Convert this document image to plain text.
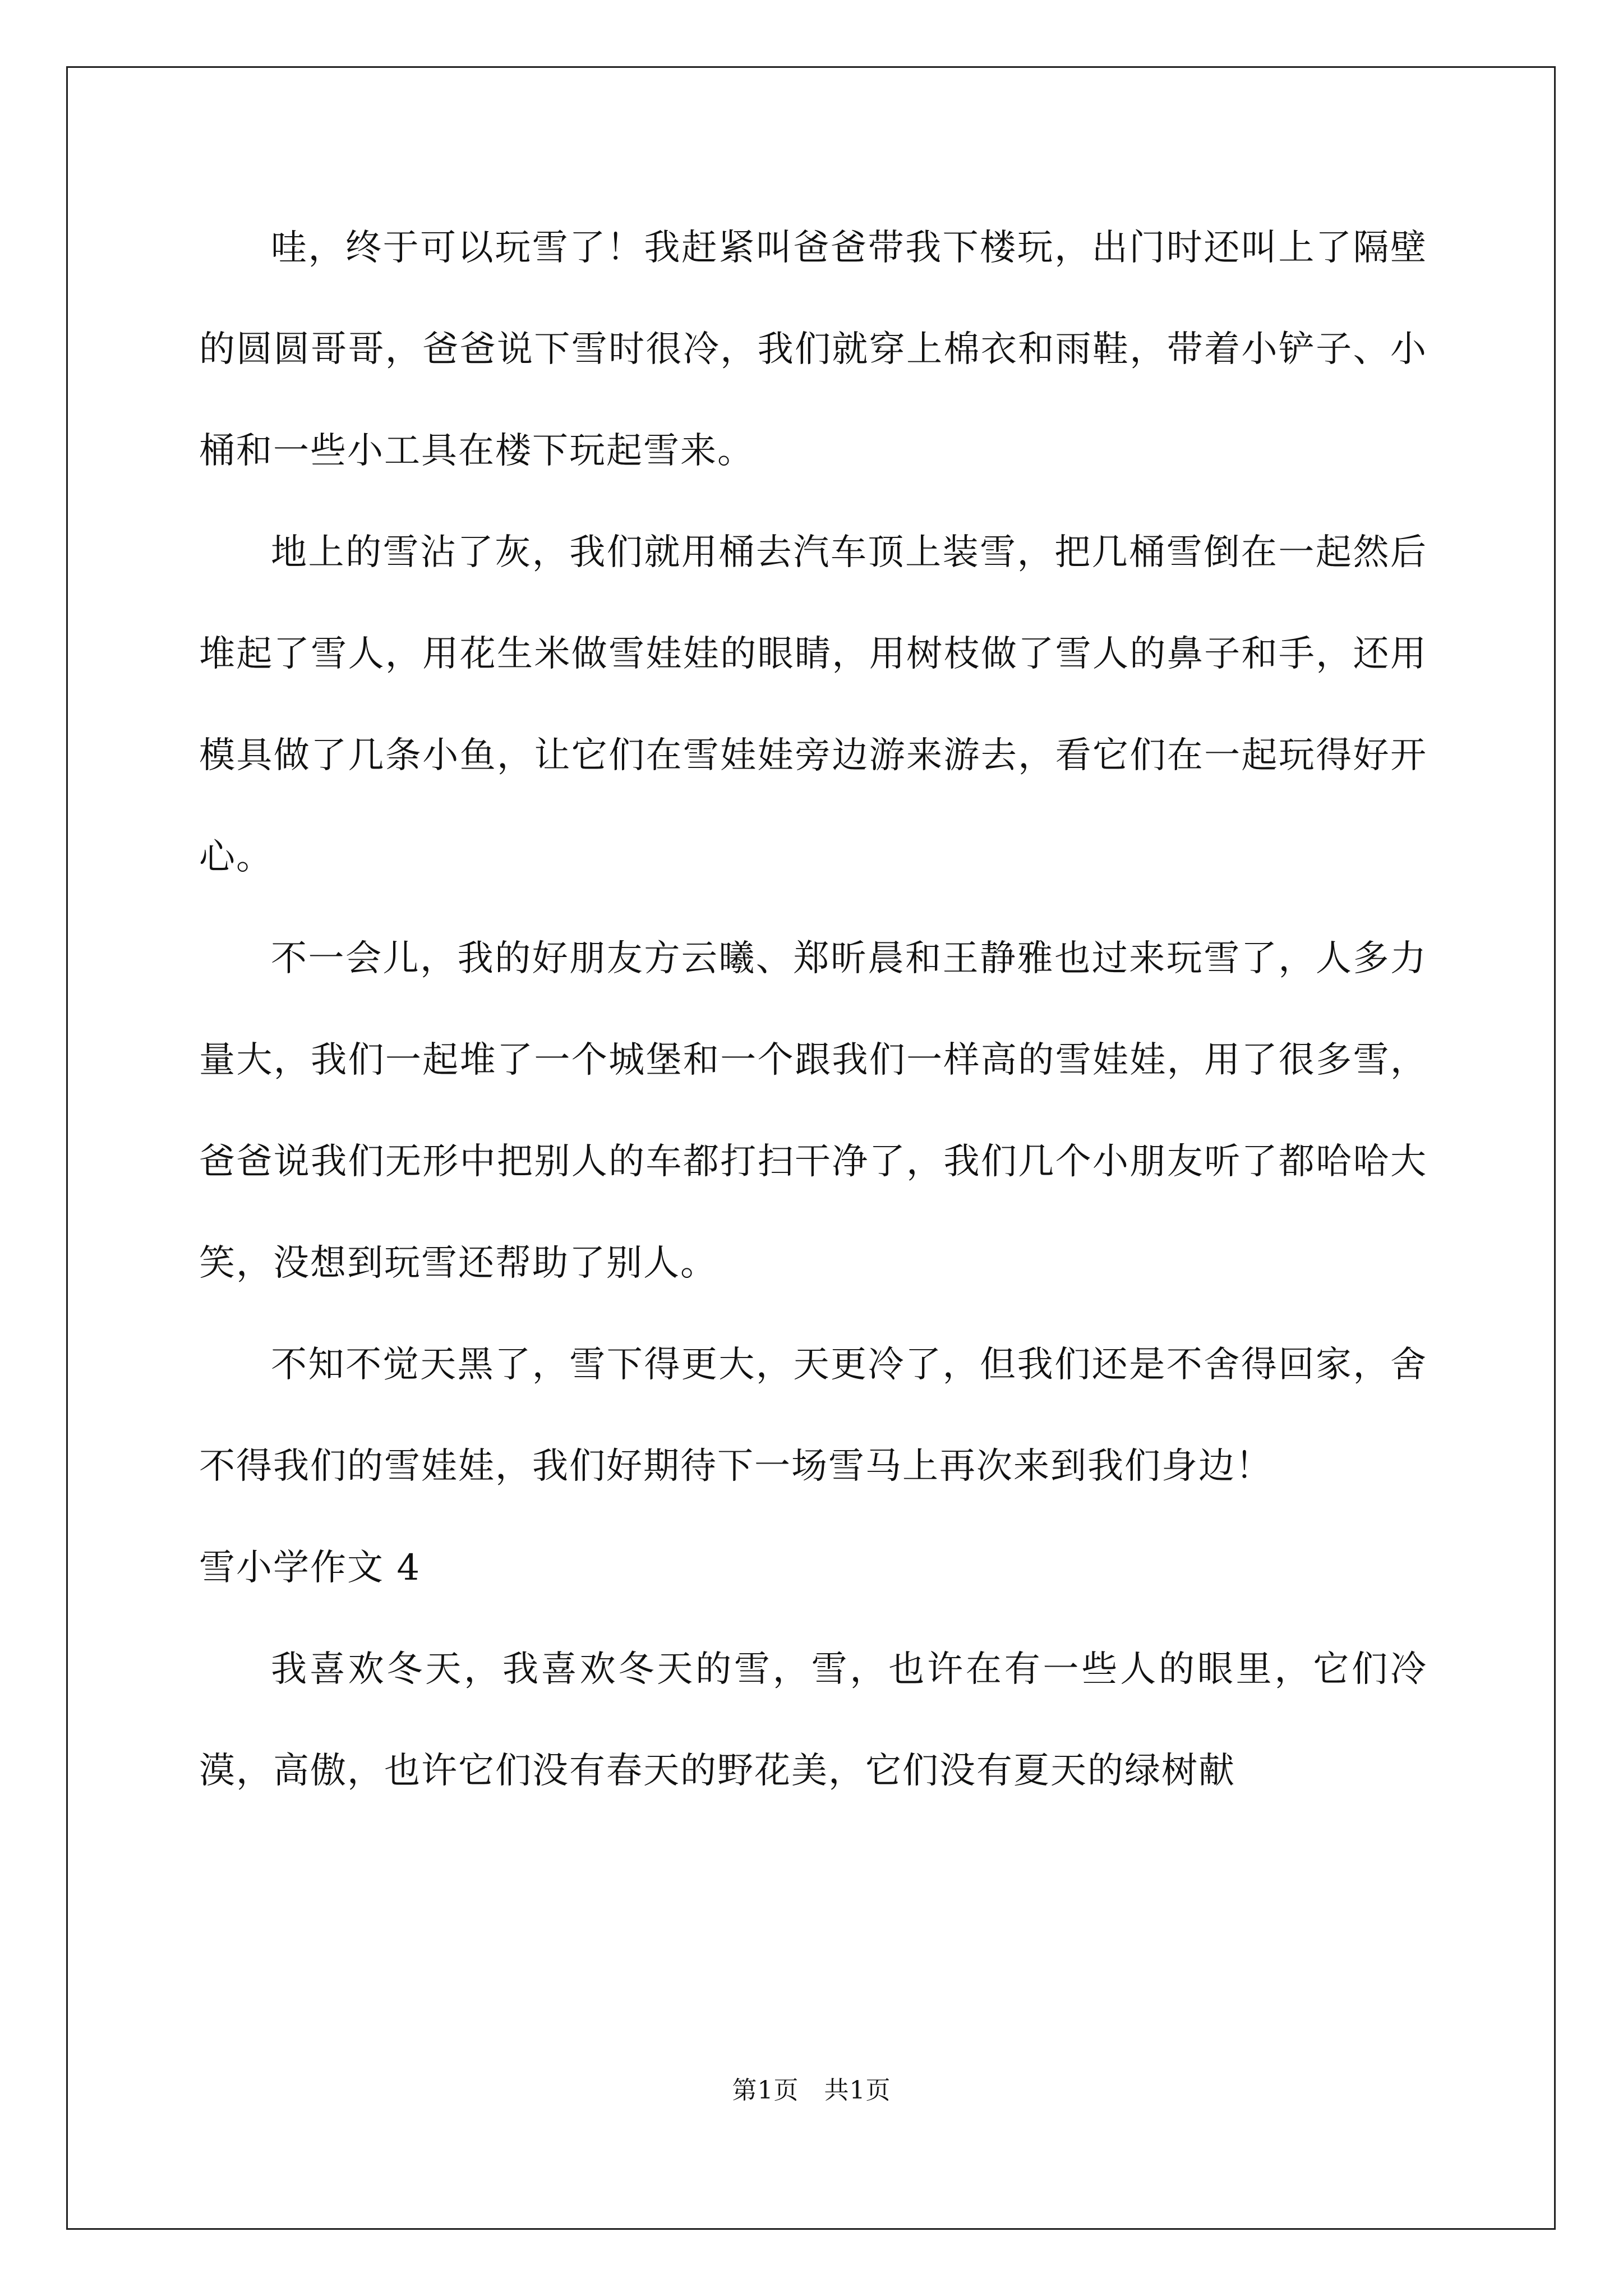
哇，终于可以玩雪了！我赶紧叫爸爸带我下楼玩，出门时还叫上了隔壁的圆圆哥哥，爸爸说下雪时很冷，我们就穿上棉衣和雨鞋，带着小铲子、小桶和一些小工具在楼下玩起雪来。

地上的雪沾了灰，我们就用桶去汽车顶上装雪，把几桶雪倒在一起然后堆起了雪人，用花生米做雪娃娃的眼睛，用树枝做了雪人的鼻子和手，还用模具做了几条小鱼，让它们在雪娃娃旁边游来游去，看它们在一起玩得好开心。

不一会儿，我的好朋友方云曦、郑昕晨和王静雅也过来玩雪了，人多力量大，我们一起堆了一个城堡和一个跟我们一样高的雪娃娃，用了很多雪，爸爸说我们无形中把别人的车都打扫干净了，我们几个小朋友听了都哈哈大笑，没想到玩雪还帮助了别人。

不知不觉天黑了，雪下得更大，天更冷了，但我们还是不舍得回家，舍不得我们的雪娃娃，我们好期待下一场雪马上再次来到我们身边！

雪小学作文 4

我喜欢冬天，我喜欢冬天的雪，雪，也许在有一些人的眼里，它们冷漠，高傲，也许它们没有春天的野花美，它们没有夏天的绿树献

第1页　共1页
